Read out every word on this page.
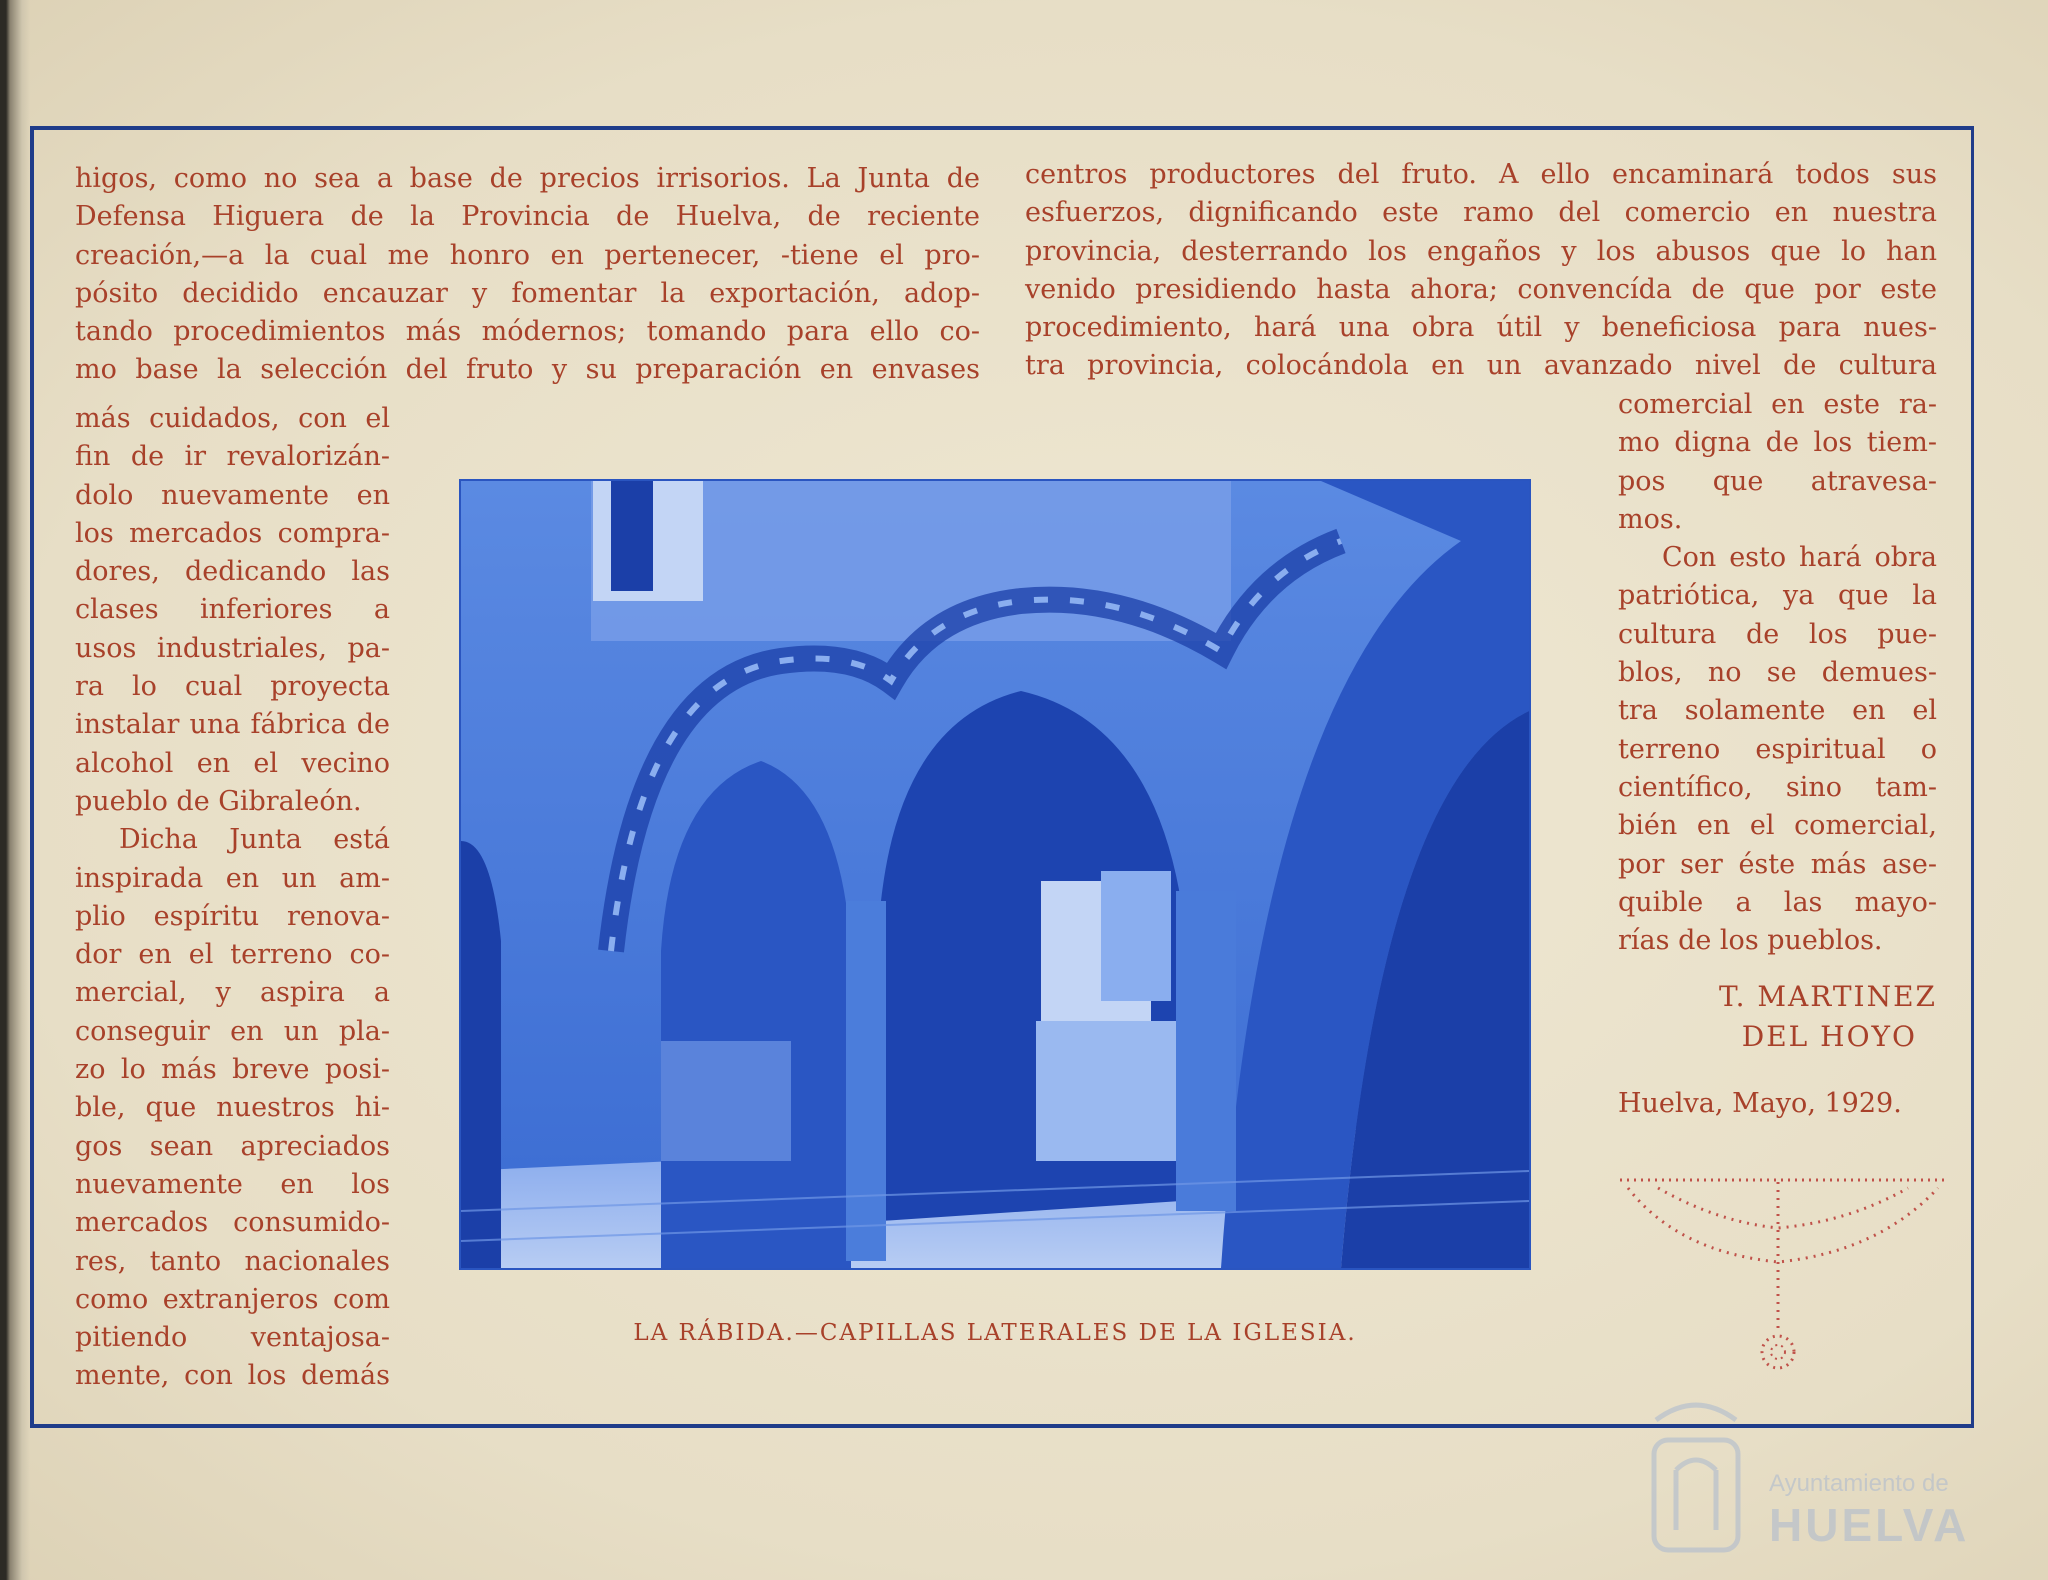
higos, como no sea a base de precios irrisorios. La Junta de

Defensa Higuera de la Provincia de Huelva, de reciente

creación,—a la cual me honro en pertenecer, -tiene el pro-

pósito decidido encauzar y fomentar la exportación, adop-

tando procedimientos más módernos; tomando para ello co-

mo base la selección del fruto y su preparación en envases

más cuidados, con el

fin de ir revalorizán-

dolo nuevamente en

los mercados compra-

dores, dedicando las

clases inferiores a

usos industriales, pa-

ra lo cual proyecta

instalar una fábrica de

alcohol en el vecino

pueblo de Gibraleón.

Dicha Junta está

inspirada en un am-

plio espíritu renova-

dor en el terreno co-

mercial, y aspira a

conseguir en un pla-

zo lo más breve posi-

ble, que nuestros hi-

gos sean apreciados

nuevamente en los

mercados consumido-

res, tanto nacionales

como extranjeros com

pitiendo ventajosa-

mente, con los demás

centros productores del fruto. A ello encaminará todos sus

esfuerzos, dignificando este ramo del comercio en nuestra

provincia, desterrando los engaños y los abusos que lo han

venido presidiendo hasta ahora; convencída de que por este

procedimiento, hará una obra útil y beneficiosa para nues-

tra provincia, colocándola en un avanzado nivel de cultura

comercial en este ra-

mo digna de los tiem-

pos que atravesa-

mos.

Con esto hará obra

patriótica, ya que la

cultura de los pue-

blos, no se demues-

tra solamente en el

terreno espiritual o

científico, sino tam-

bién en el comercial,

por ser éste más ase-

quible a las mayo-

rías de los pueblos.

T. MARTINEZ
DEL HOYO
Huelva, Mayo, 1929.
LA RÁBIDA.—CAPILLAS LATERALES DE LA IGLESIA.
Ayuntamiento de
HUELVA
